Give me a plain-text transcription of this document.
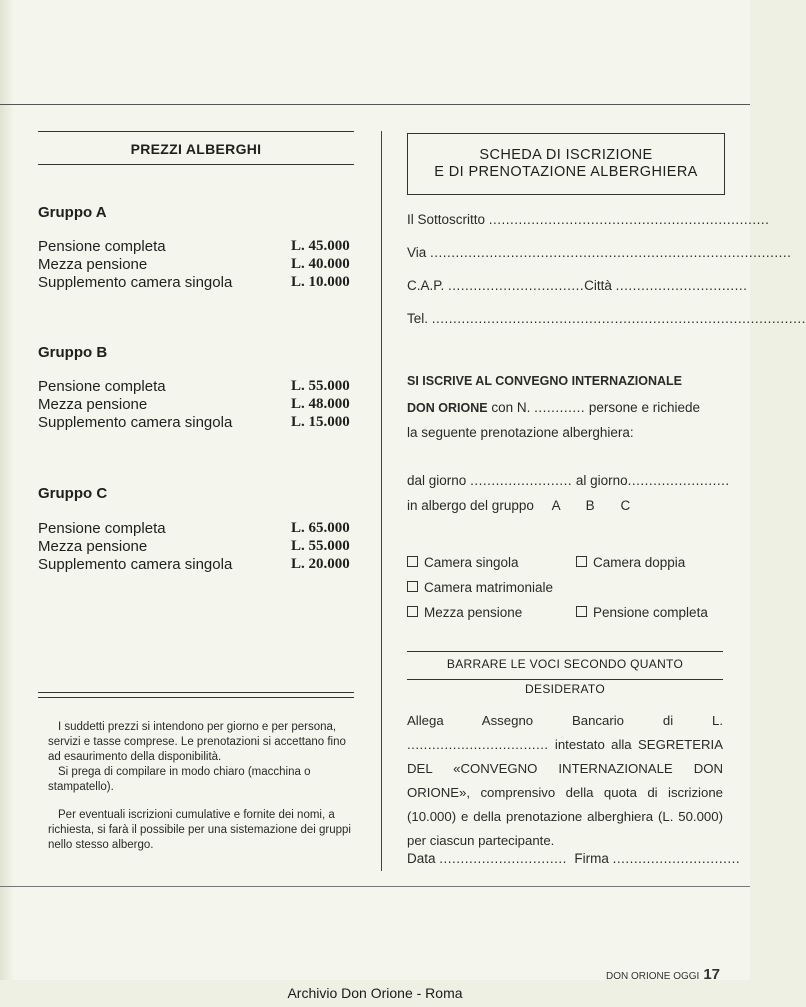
PREZZI ALBERGHI
Gruppo A
Pensione completa	L. 45.000
Mezza pensione	L. 40.000
Supplemento camera singola	L. 10.000
Gruppo B
Pensione completa	L. 55.000
Mezza pensione	L. 48.000
Supplemento camera singola	L. 15.000
Gruppo C
Pensione completa	L. 65.000
Mezza pensione	L. 55.000
Supplemento camera singola	L. 20.000

I suddetti prezzi si intendono per giorno e per persona, servizi e tasse comprese. Le prenotazioni si accettano fino ad esaurimento della disponibilità.

Si prega di compilare in modo chiaro (macchina o stampatello).

Per eventuali iscrizioni cumulative e fornite dei nomi, a richiesta, si farà il possibile per una sistemazione dei gruppi nello stesso albergo.

SCHEDA DI ISCRIZIONE
E DI PRENOTAZIONE ALBERGHIERA
Il Sottoscritto ..................................................................
Via .....................................................................................
C.A.P. ................................Città ...............................
Tel. ........................................................................................
SI ISCRIVE AL CONVEGNO INTERNAZIONALE
DON ORIONE con N. ............ persone e richiede
la seguente prenotazione alberghiera:
dal giorno ........................ al giorno........................
in albergo del gruppo A B C
Camera singola	Camera doppia
Camera matrimoniale
Mezza pensione	Pensione completa
BARRARE LE VOCI SECONDO QUANTO DESIDERATO
Allega Assegno Bancario di L. .................................. intestato alla SEGRETERIA DEL «CONVEGNO INTERNAZIONALE DON ORIONE», comprensivo della quota di iscrizione (10.000) e della prenotazione alberghiera (L. 50.000) per ciascun partecipante.
Data .............................. Firma ..............................
DON ORIONE OGGI 17
Archivio Don Orione - Roma
